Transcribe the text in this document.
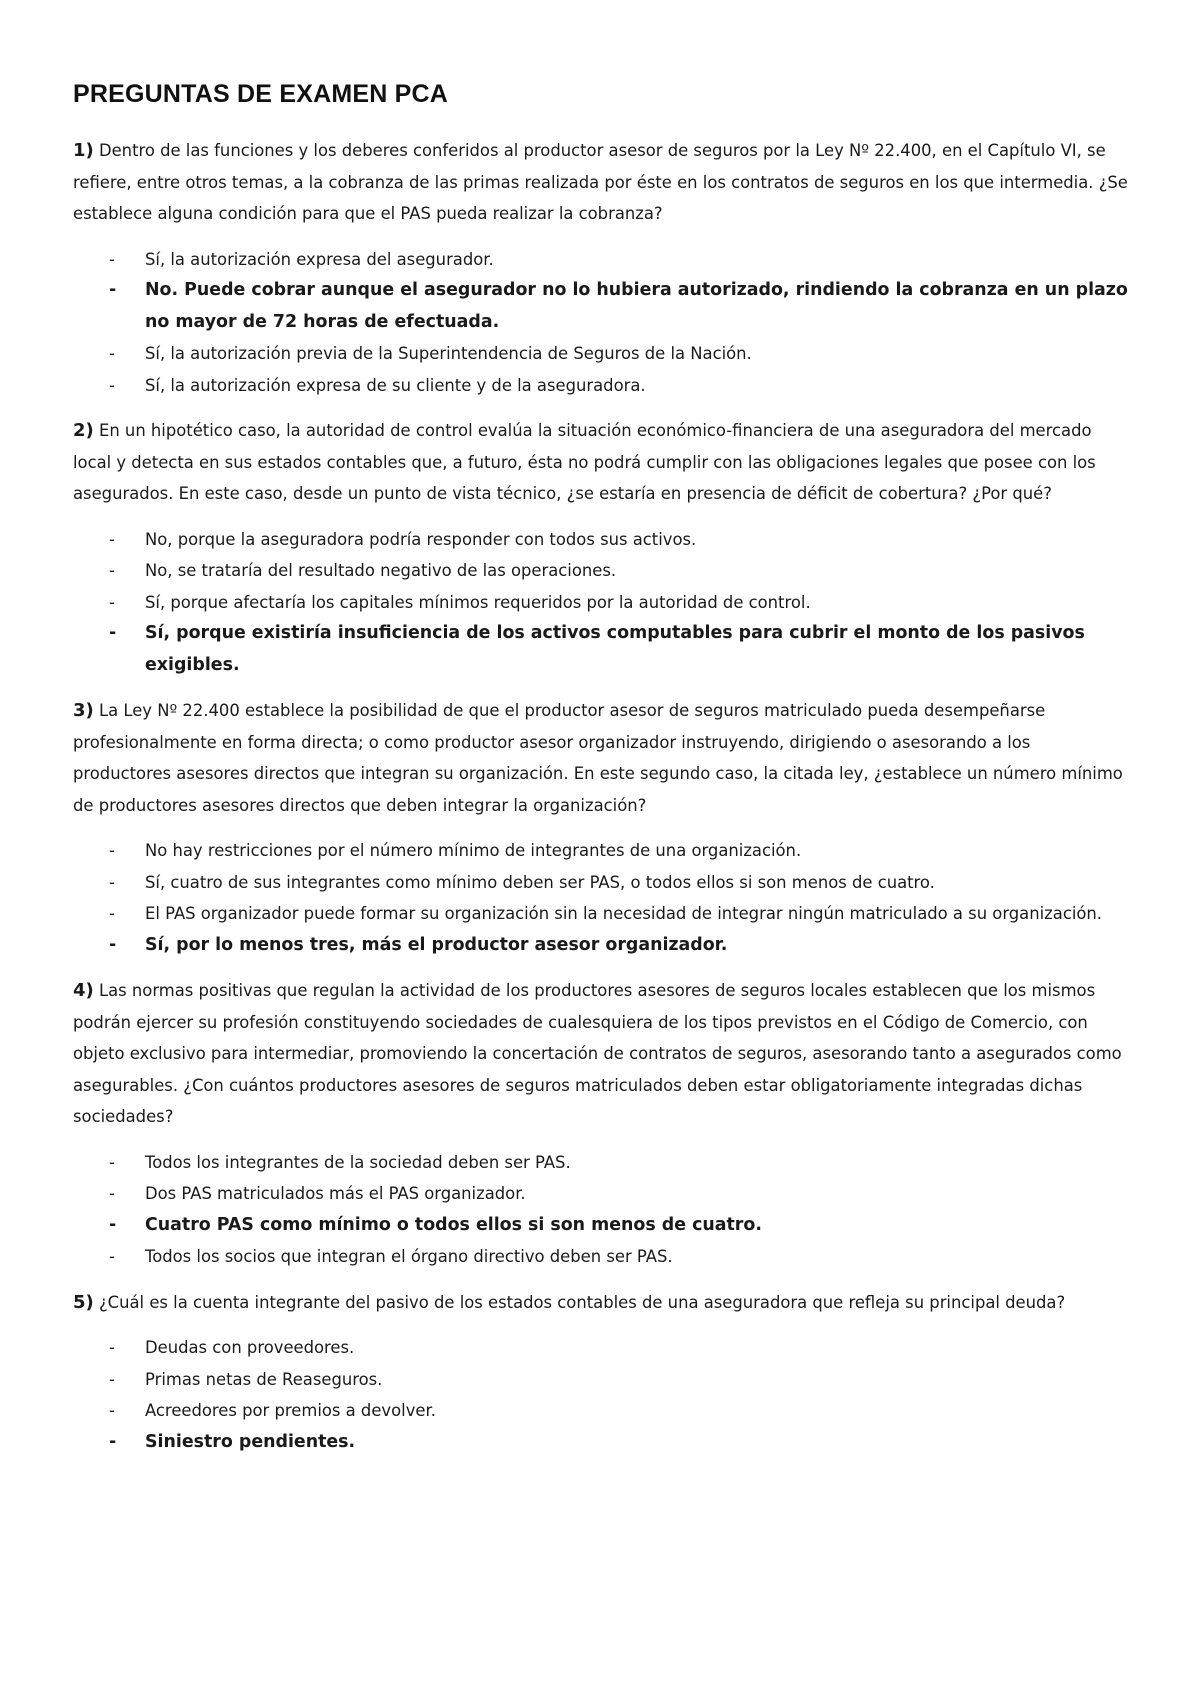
PREGUNTAS DE EXAMEN PCA

1) Dentro de las funciones y los deberes conferidos al productor asesor de seguros por la Ley Nº 22.400, en el Capítulo VI, se refiere, entre otros temas, a la cobranza de las primas realizada por éste en los contratos de seguros en los que intermedia. ¿Se establece alguna condición para que el PAS pueda realizar la cobranza?

- Sí, la autorización expresa del asegurador.
- No. Puede cobrar aunque el asegurador no lo hubiera autorizado, rindiendo la cobranza en un plazo no mayor de 72 horas de efectuada.
- Sí, la autorización previa de la Superintendencia de Seguros de la Nación.
- Sí, la autorización expresa de su cliente y de la aseguradora.

2) En un hipotético caso, la autoridad de control evalúa la situación económico-financiera de una aseguradora del mercado local y detecta en sus estados contables que, a futuro, ésta no podrá cumplir con las obligaciones legales que posee con los asegurados. En este caso, desde un punto de vista técnico, ¿se estaría en presencia de déficit de cobertura? ¿Por qué?

- No, porque la aseguradora podría responder con todos sus activos.
- No, se trataría del resultado negativo de las operaciones.
- Sí, porque afectaría los capitales mínimos requeridos por la autoridad de control.
- Sí, porque existiría insuficiencia de los activos computables para cubrir el monto de los pasivos exigibles.

3) La Ley Nº 22.400 establece la posibilidad de que el productor asesor de seguros matriculado pueda desempeñarse profesionalmente en forma directa; o como productor asesor organizador instruyendo, dirigiendo o asesorando a los productores asesores directos que integran su organización. En este segundo caso, la citada ley, ¿establece un número mínimo de productores asesores directos que deben integrar la organización?

- No hay restricciones por el número mínimo de integrantes de una organización.
- Sí, cuatro de sus integrantes como mínimo deben ser PAS, o todos ellos si son menos de cuatro.
- El PAS organizador puede formar su organización sin la necesidad de integrar ningún matriculado a su organización.
- Sí, por lo menos tres, más el productor asesor organizador.

4) Las normas positivas que regulan la actividad de los productores asesores de seguros locales establecen que los mismos podrán ejercer su profesión constituyendo sociedades de cualesquiera de los tipos previstos en el Código de Comercio, con objeto exclusivo para intermediar, promoviendo la concertación de contratos de seguros, asesorando tanto a asegurados como asegurables. ¿Con cuántos productores asesores de seguros matriculados deben estar obligatoriamente integradas dichas sociedades?

- Todos los integrantes de la sociedad deben ser PAS.
- Dos PAS matriculados más el PAS organizador.
- Cuatro PAS como mínimo o todos ellos si son menos de cuatro.
- Todos los socios que integran el órgano directivo deben ser PAS.

5) ¿Cuál es la cuenta integrante del pasivo de los estados contables de una aseguradora que refleja su principal deuda?

- Deudas con proveedores.
- Primas netas de Reaseguros.
- Acreedores por premios a devolver.
- Siniestro pendientes.
